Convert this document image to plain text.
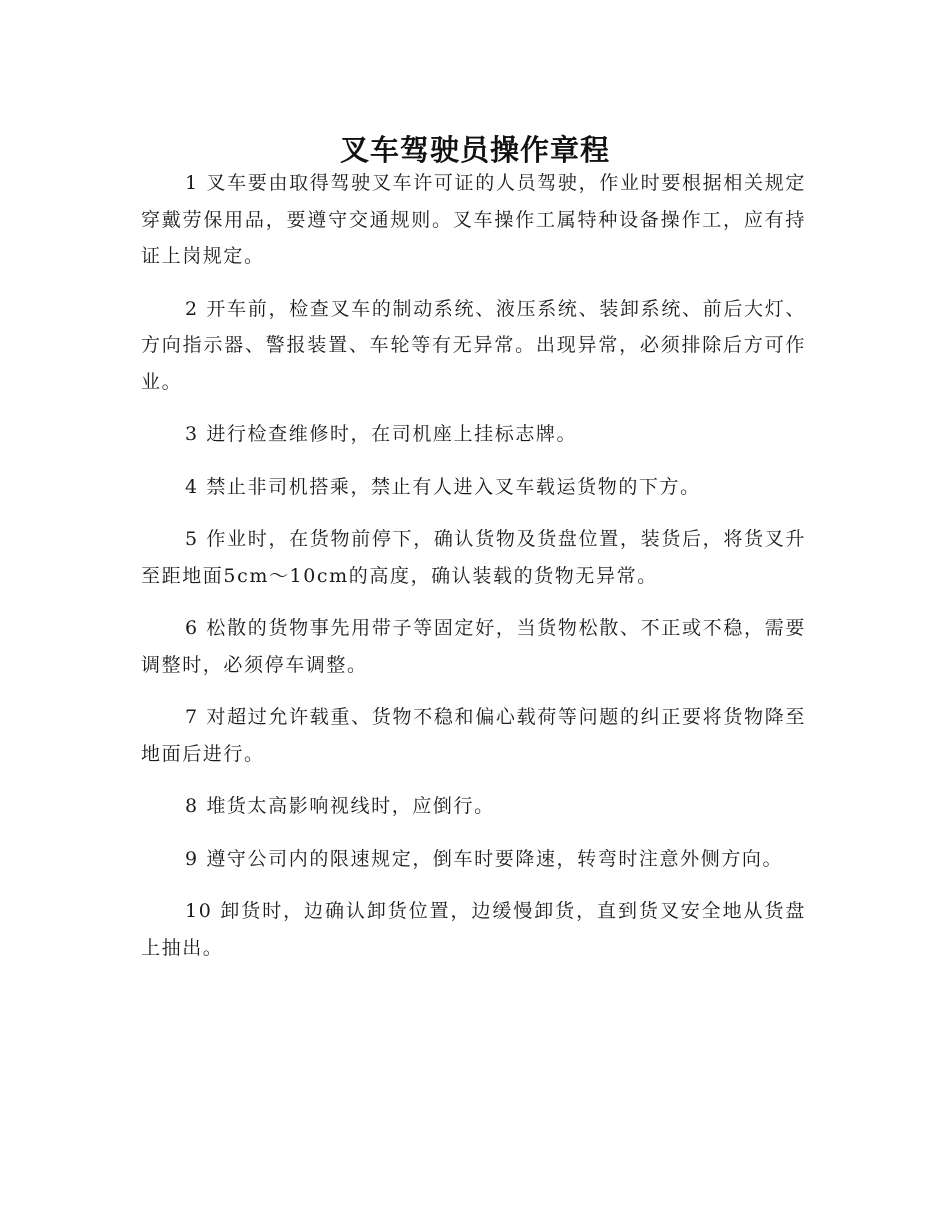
叉车驾驶员操作章程

1 叉车要由取得驾驶叉车许可证的人员驾驶，作业时要根据相关规定穿戴劳保用品，要遵守交通规则。叉车操作工属特种设备操作工，应有持证上岗规定。

2 开车前，检查叉车的制动系统、液压系统、装卸系统、前后大灯、方向指示器、警报装置、车轮等有无异常。出现异常，必须排除后方可作业。

3 进行检查维修时，在司机座上挂标志牌。

4 禁止非司机搭乘，禁止有人进入叉车载运货物的下方。

5 作业时，在货物前停下，确认货物及货盘位置，装货后，将货叉升至距地面5cm～10cm的高度，确认装载的货物无异常。

6 松散的货物事先用带子等固定好，当货物松散、不正或不稳，需要调整时，必须停车调整。

7 对超过允许载重、货物不稳和偏心载荷等问题的纠正要将货物降至地面后进行。

8 堆货太高影响视线时，应倒行。

9 遵守公司内的限速规定，倒车时要降速，转弯时注意外侧方向。

10 卸货时，边确认卸货位置，边缓慢卸货，直到货叉安全地从货盘上抽出。
